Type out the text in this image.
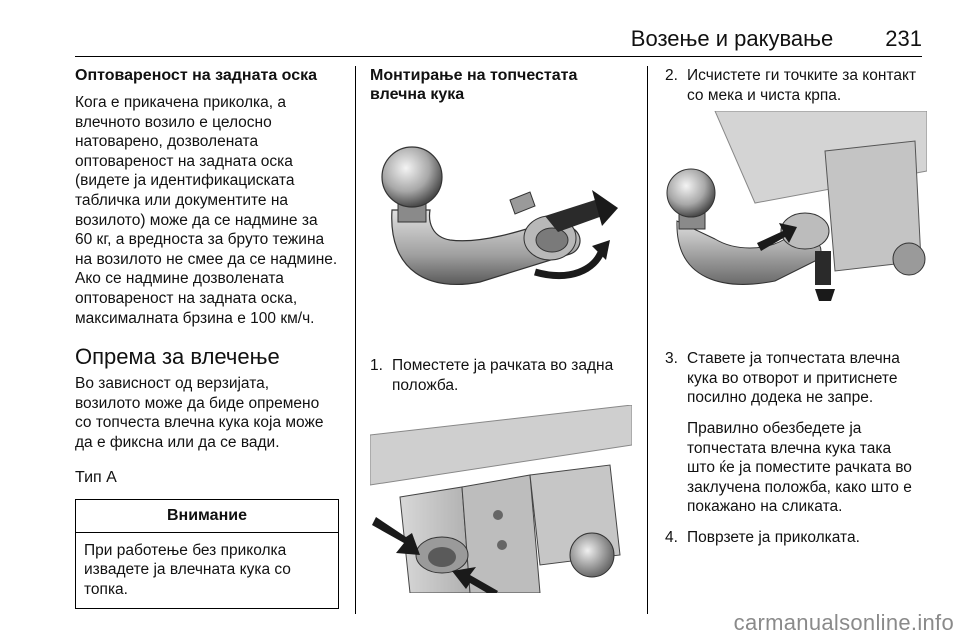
Возење и ракување 231
Оптовареност на задната оска

Кога е прикачена приколка, а
влечното возило е целосно
натоварено, дозволената
оптовареност на задната оска
(видете ја идентификациската
табличка или документите на
возилото) може да се надмине за
60 кг, а вредноста за бруто тежина
на возилото не смее да се надмине.
Ако се надмине дозволената
оптовареност на задната оска,
максималната брзина е 100 км/ч.

Опрема за влечење

Во зависност од верзијата,
возилото може да биде опремено
со топчеста влечна кука која може
да е фиксна или да се вади.

Тип А
Внимание
При работење без приколка
извадете ја влечната кука со
топка.
Монтирање на топчестата влечна кука
1. Поместете ја рачката во задна
положба.
2. Исчистете ги точките за контакт
со мека и чиста крпа.
3. Ставете ја топчестата влечна
кука во отворот и притиснете
посилно додека не запре.
Правилно обезбедете ја
топчестата влечна кука така
што ќе ја поместите рачката во
заклучена положба, како што е
покажано на сликата.
4. Поврзете ја приколката.
carmanualsonline.info
